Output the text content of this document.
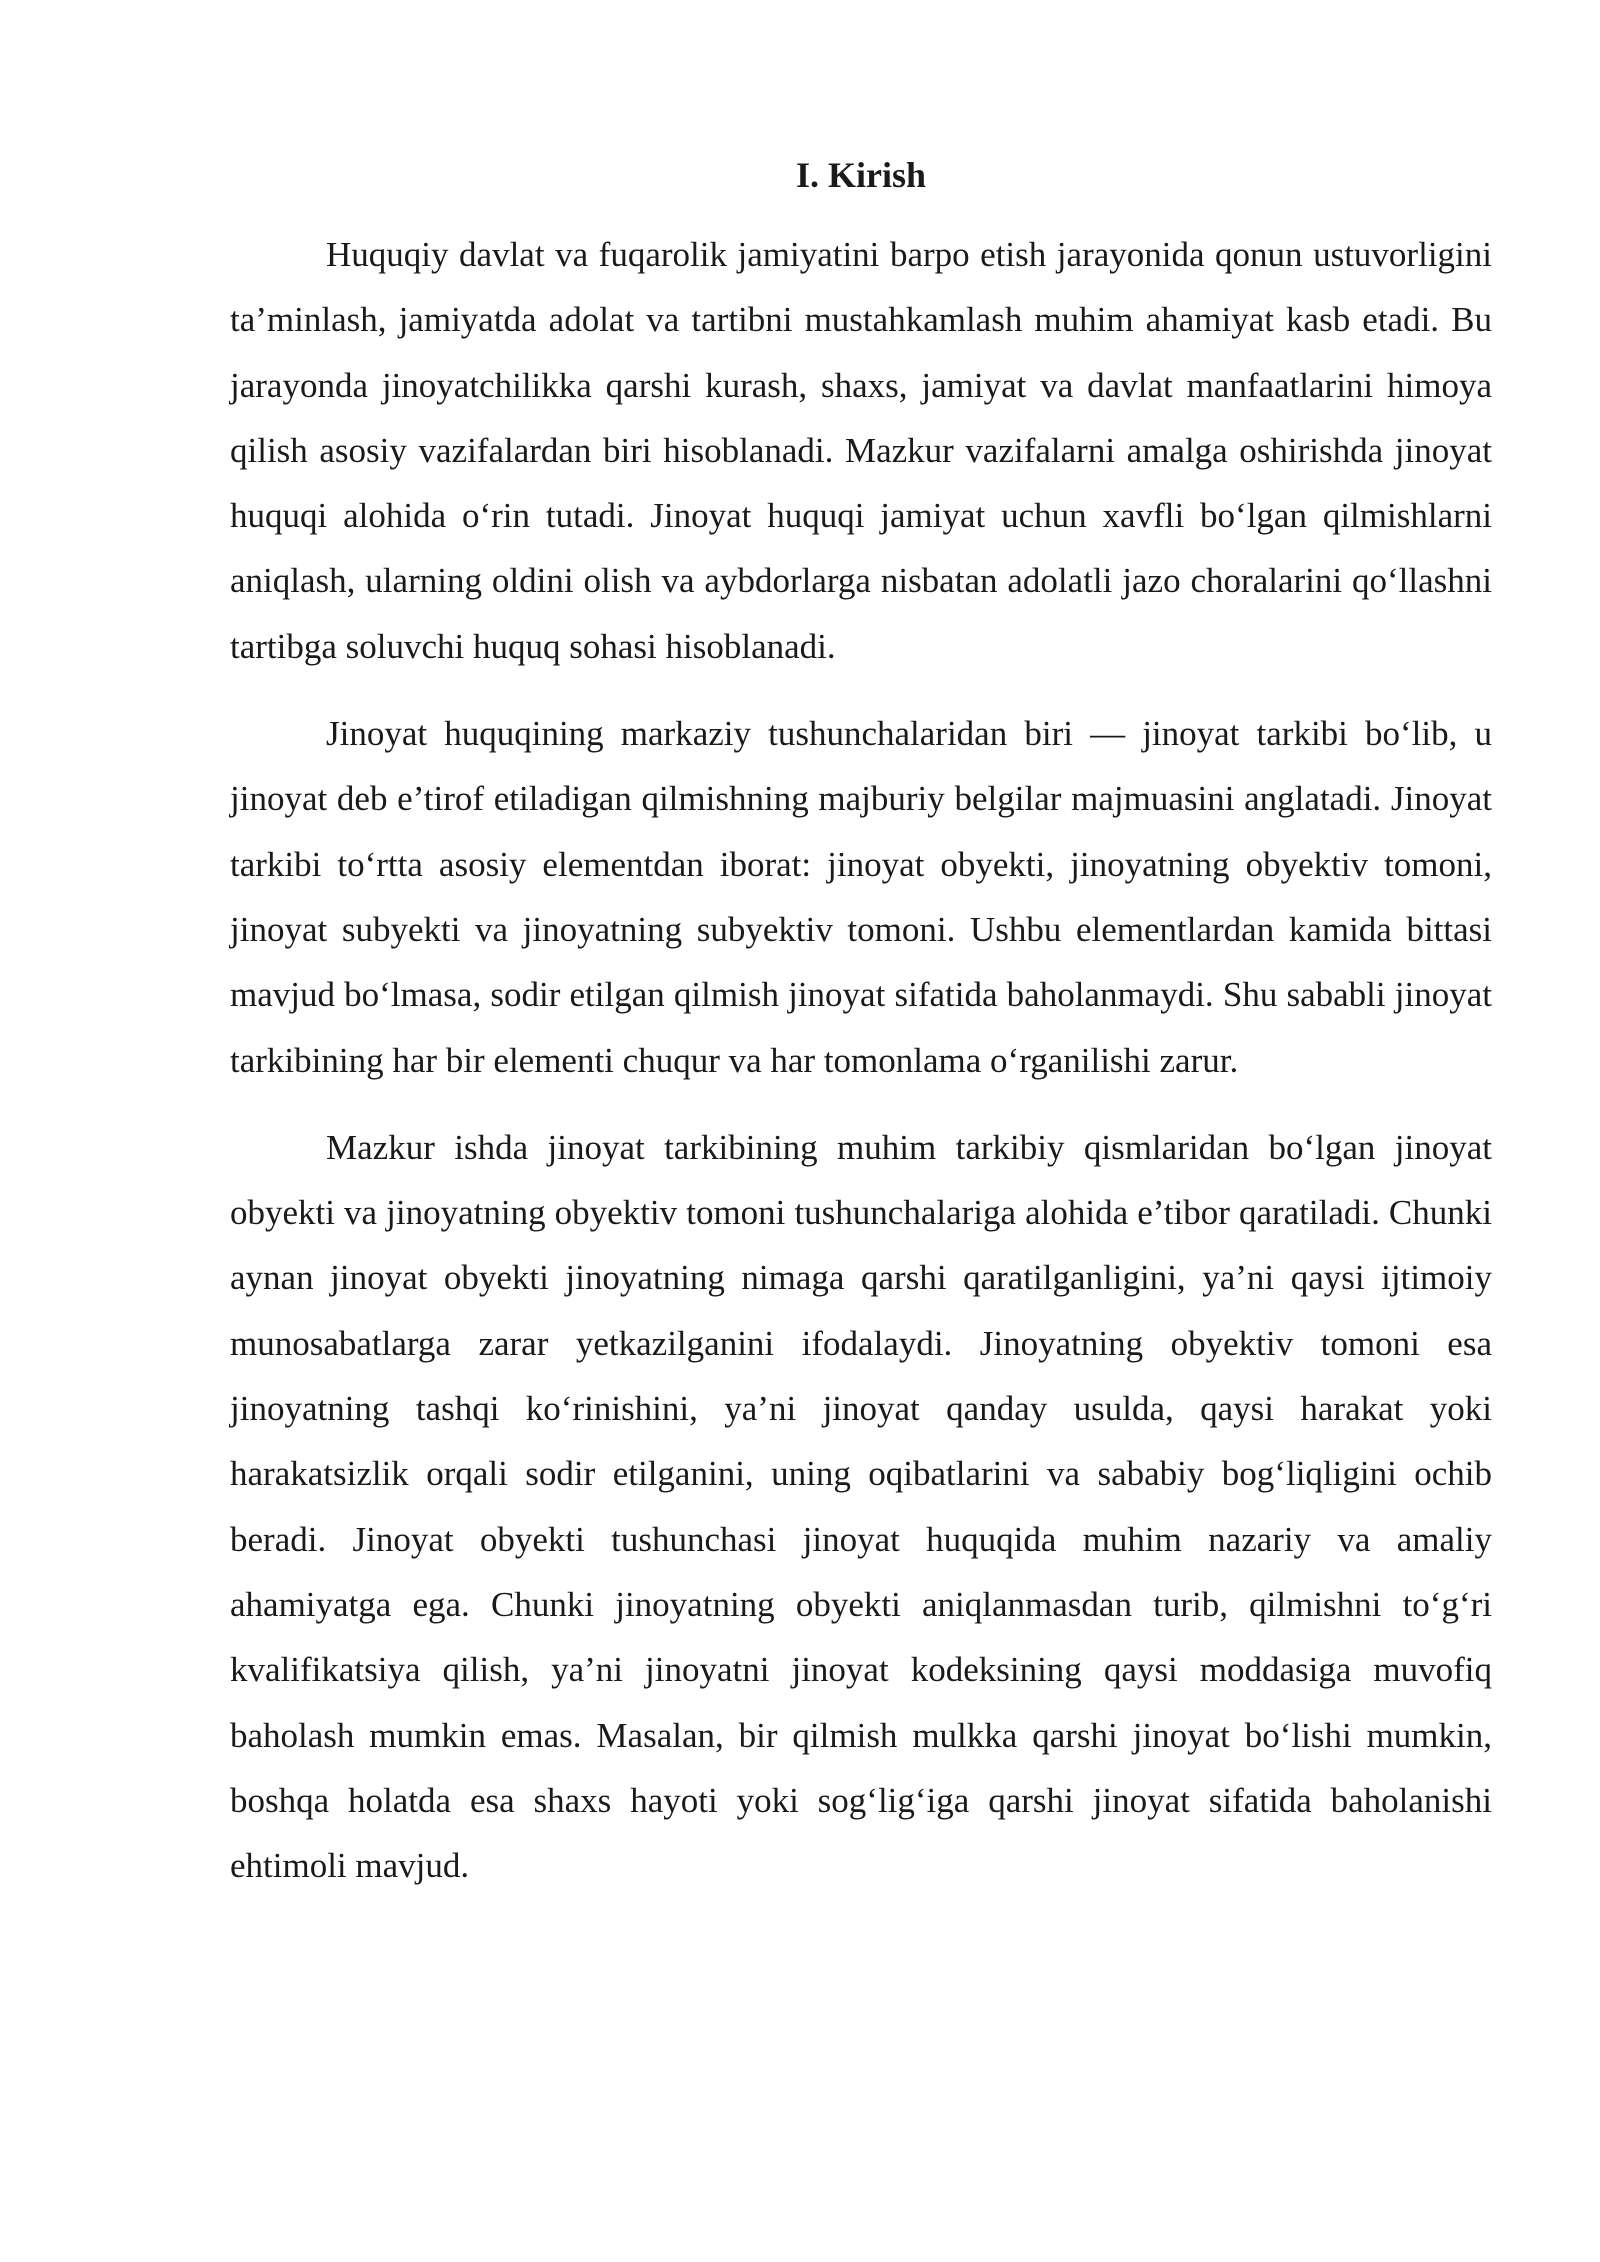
I. Kirish

Huquqiy davlat va fuqarolik jamiyatini barpo etish jarayonida qonun ustuvorligini ta’minlash, jamiyatda adolat va tartibni mustahkamlash muhim ahamiyat kasb etadi. Bu jarayonda jinoyatchilikka qarshi kurash, shaxs, jamiyat va davlat manfaatlarini himoya qilish asosiy vazifalardan biri hisoblanadi. Mazkur vazifalarni amalga oshirishda jinoyat huquqi alohida o‘rin tutadi. Jinoyat huquqi jamiyat uchun xavfli bo‘lgan qilmishlarni aniqlash, ularning oldini olish va aybdorlarga nisbatan adolatli jazo choralarini qo‘llashni tartibga soluvchi huquq sohasi hisoblanadi.

Jinoyat huquqining markaziy tushunchalaridan biri — jinoyat tarkibi bo‘lib, u jinoyat deb e’tirof etiladigan qilmishning majburiy belgilar majmuasini anglatadi. Jinoyat tarkibi to‘rtta asosiy elementdan iborat: jinoyat obyekti, jinoyatning obyektiv tomoni, jinoyat subyekti va jinoyatning subyektiv tomoni. Ushbu elementlardan kamida bittasi mavjud bo‘lmasa, sodir etilgan qilmish jinoyat sifatida baholanmaydi. Shu sababli jinoyat tarkibining har bir elementi chuqur va har tomonlama o‘rganilishi zarur.

Mazkur ishda jinoyat tarkibining muhim tarkibiy qismlaridan bo‘lgan jinoyat obyekti va jinoyatning obyektiv tomoni tushunchalariga alohida e’tibor qaratiladi. Chunki aynan jinoyat obyekti jinoyatning nimaga qarshi qaratilganligini, ya’ni qaysi ijtimoiy munosabatlarga zarar yetkazilganini ifodalaydi. Jinoyatning obyektiv tomoni esa jinoyatning tashqi ko‘rinishini, ya’ni jinoyat qanday usulda, qaysi harakat yoki harakatsizlik orqali sodir etilganini, uning oqibatlarini va sababiy bog‘liqligini ochib beradi. Jinoyat obyekti tushunchasi jinoyat huquqida muhim nazariy va amaliy ahamiyatga ega. Chunki jinoyatning obyekti aniqlanmasdan turib, qilmishni to‘g‘ri kvalifikatsiya qilish, ya’ni jinoyatni jinoyat kodeksining qaysi moddasiga muvofiq baholash mumkin emas. Masalan, bir qilmish mulkka qarshi jinoyat bo‘lishi mumkin, boshqa holatda esa shaxs hayoti yoki sog‘lig‘iga qarshi jinoyat sifatida baholanishi ehtimoli mavjud.
